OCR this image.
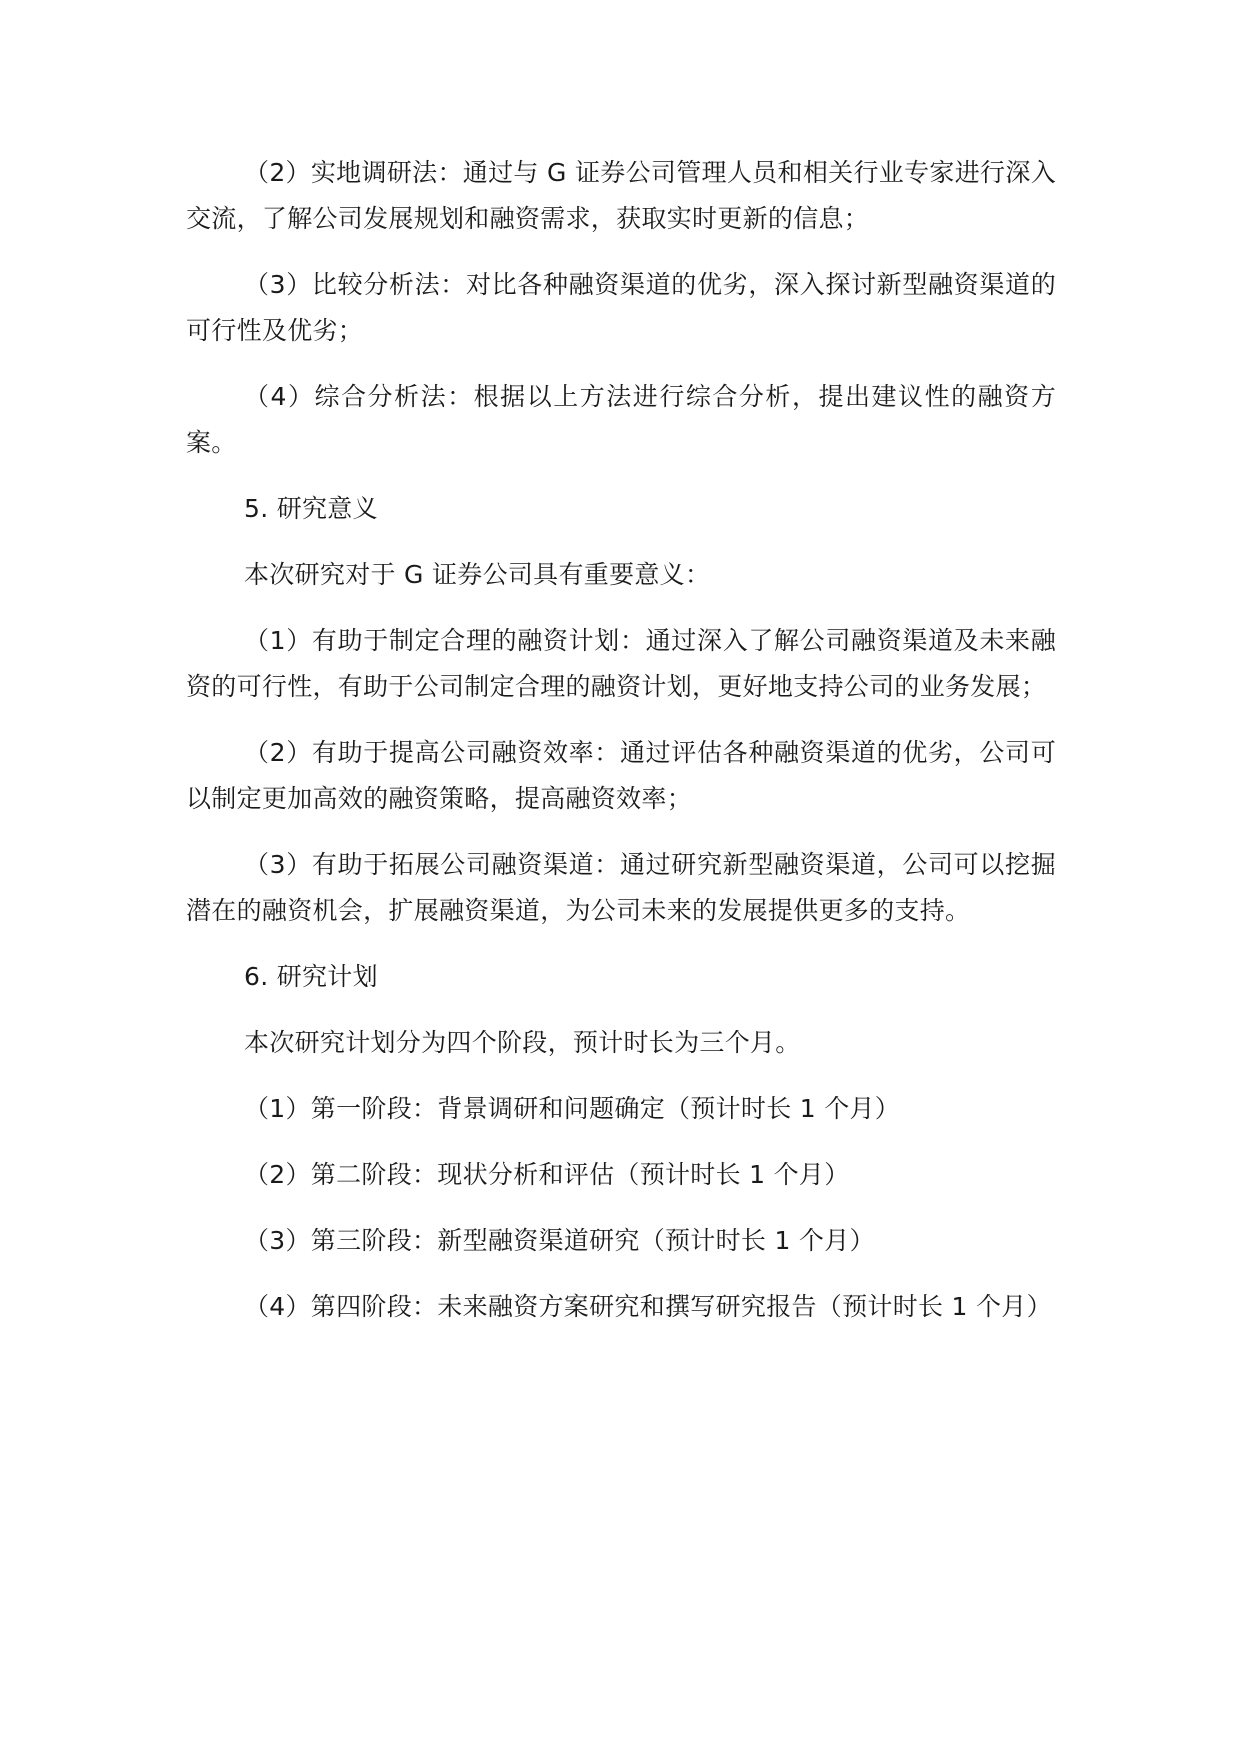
（2）实地调研法：通过与 G 证券公司管理人员和相关行业专家进行深入交流，了解公司发展规划和融资需求，获取实时更新的信息；

（3）比较分析法：对比各种融资渠道的优劣，深入探讨新型融资渠道的可行性及优劣；

（4）综合分析法：根据以上方法进行综合分析，提出建议性的融资方案。

5. 研究意义

本次研究对于 G 证券公司具有重要意义：

（1）有助于制定合理的融资计划：通过深入了解公司融资渠道及未来融资的可行性，有助于公司制定合理的融资计划，更好地支持公司的业务发展；

（2）有助于提高公司融资效率：通过评估各种融资渠道的优劣，公司可以制定更加高效的融资策略，提高融资效率；

（3）有助于拓展公司融资渠道：通过研究新型融资渠道，公司可以挖掘潜在的融资机会，扩展融资渠道，为公司未来的发展提供更多的支持。

6. 研究计划

本次研究计划分为四个阶段，预计时长为三个月。

（1）第一阶段：背景调研和问题确定（预计时长 1 个月）

（2）第二阶段：现状分析和评估（预计时长 1 个月）

（3）第三阶段：新型融资渠道研究（预计时长 1 个月）

（4）第四阶段：未来融资方案研究和撰写研究报告（预计时长 1 个月）
